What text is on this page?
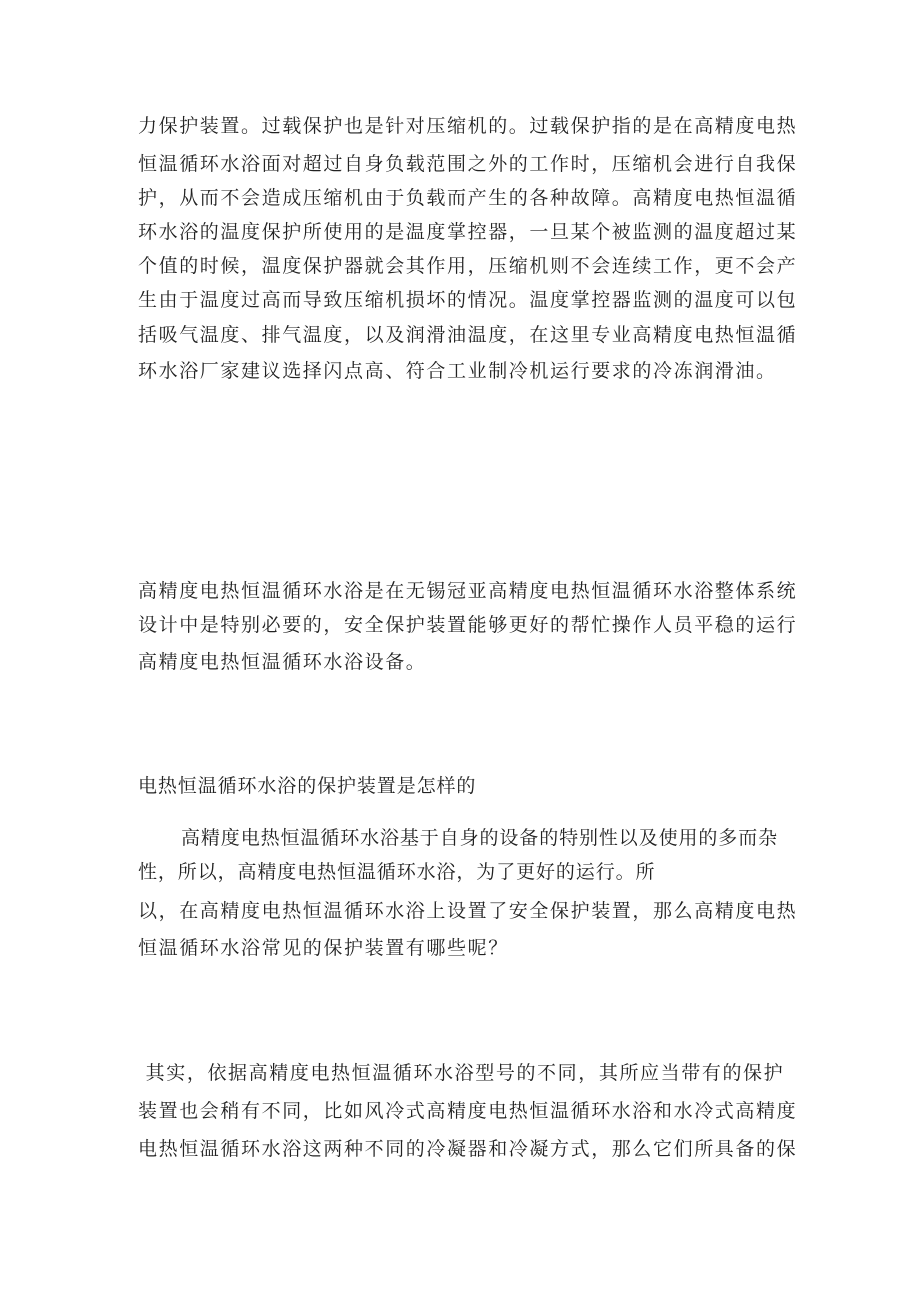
力保护装置。过载保护也是针对压缩机的。过载保护指的是在高精度电热
恒温循环水浴面对超过自身负载范围之外的工作时，压缩机会进行自我保
护，从而不会造成压缩机由于负载而产生的各种故障。高精度电热恒温循
环水浴的温度保护所使用的是温度掌控器，一旦某个被监测的温度超过某
个值的时候，温度保护器就会其作用，压缩机则不会连续工作，更不会产
生由于温度过高而导致压缩机损坏的情况。温度掌控器监测的温度可以包
括吸气温度、排气温度，以及润滑油温度，在这里专业高精度电热恒温循
环水浴厂家建议选择闪点高、符合工业制冷机运行要求的冷冻润滑油。
高精度电热恒温循环水浴是在无锡冠亚高精度电热恒温循环水浴整体系统
设计中是特别必要的，安全保护装置能够更好的帮忙操作人员平稳的运行
高精度电热恒温循环水浴设备。
电热恒温循环水浴的保护装置是怎样的
高精度电热恒温循环水浴基于自身的设备的特别性以及使用的多而杂
性，所以，高精度电热恒温循环水浴，为了更好的运行。所
以，在高精度电热恒温循环水浴上设置了安全保护装置，那么高精度电热
恒温循环水浴常见的保护装置有哪些呢？
其实，依据高精度电热恒温循环水浴型号的不同，其所应当带有的保护
装置也会稍有不同，比如风冷式高精度电热恒温循环水浴和水冷式高精度
电热恒温循环水浴这两种不同的冷凝器和冷凝方式，那么它们所具备的保
